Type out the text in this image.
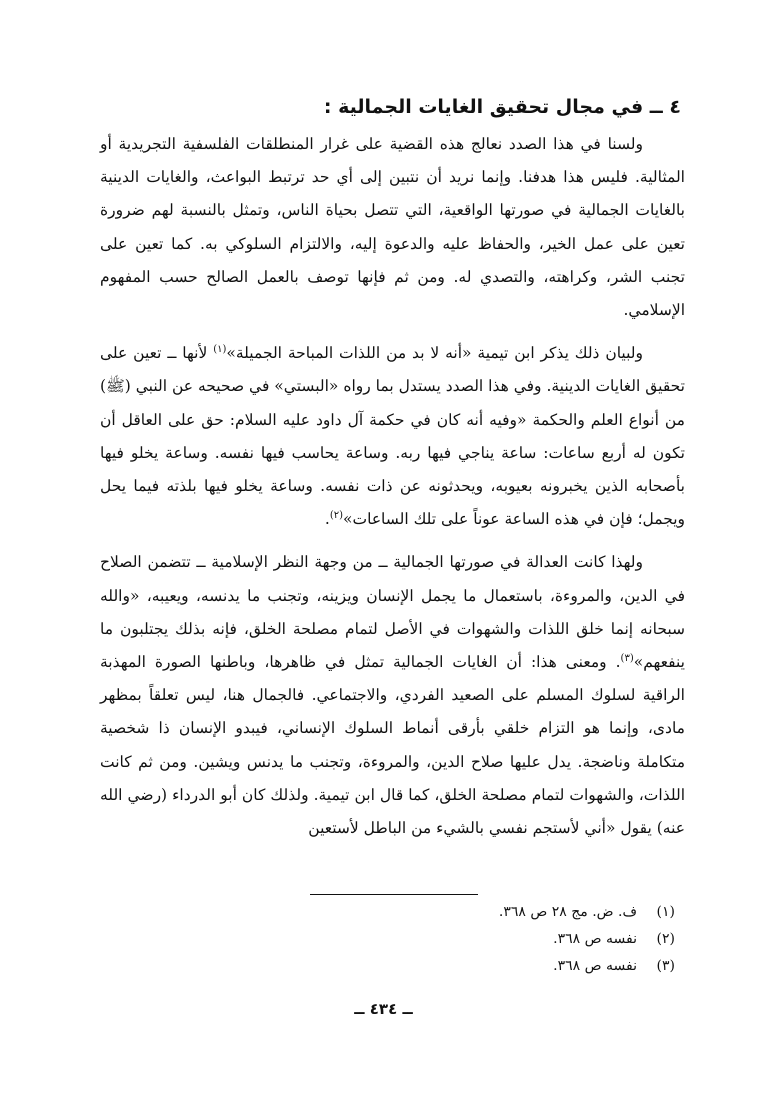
٤ ــ في مجال تحقيق الغايات الجمالية :

ولسنا في هذا الصدد نعالج هذه القضية على غرار المنطلقات الفلسفية التجريدية أو المثالية. فليس هذا هدفنا. وإنما نريد أن نتبين إلى أي حد ترتبط البواعث، والغايات الدينية بالغايات الجمالية في صورتها الواقعية، التي تتصل بحياة الناس، وتمثل بالنسبة لهم ضرورة تعين على عمل الخير، والحفاظ عليه والدعوة إليه، والالتزام السلوكي به. كما تعين على تجنب الشر، وكراهته، والتصدي له. ومن ثم فإنها توصف بالعمل الصالح حسب المفهوم الإسلامي.

ولبيان ذلك يذكر ابن تيمية «أنه لا بد من اللذات المباحة الجميلة»$^{(١)}$ لأنها ــ تعين على تحقيق الغايات الدينية. وفي هذا الصدد يستدل بما رواه «البستي» في صحيحه عن النبي (ﷺ) من أنواع العلم والحكمة «وفيه أنه كان في حكمة آل داود عليه السلام: حق على العاقل أن تكون له أربع ساعات: ساعة يناجي فيها ربه. وساعة يحاسب فيها نفسه. وساعة يخلو فيها بأصحابه الذين يخبرونه بعيوبه، ويحدثونه عن ذات نفسه. وساعة يخلو فيها بلذته فيما يحل ويجمل؛ فإن في هذه الساعة عوناً على تلك الساعات»$^{(٢)}$.

ولهذا كانت العدالة في صورتها الجمالية ــ من وجهة النظر الإسلامية ــ تتضمن الصلاح في الدين، والمروءة، باستعمال ما يجمل الإنسان ويزينه، وتجنب ما يدنسه، ويعيبه، «والله سبحانه إنما خلق اللذات والشهوات في الأصل لتمام مصلحة الخلق، فإنه بذلك يجتلبون ما ينفعهم»$^{(٣)}$. ومعنى هذا: أن الغايات الجمالية تمثل في ظاهرها، وباطنها الصورة المهذبة الراقية لسلوك المسلم على الصعيد الفردي، والاجتماعي. فالجمال هنا، ليس تعلقاً بمظهر مادى، وإنما هو التزام خلقي بأرقى أنماط السلوك الإنساني، فيبدو الإنسان ذا شخصية متكاملة وناضجة. يدل عليها صلاح الدين، والمروءة، وتجنب ما يدنس ويشين. ومن ثم كانت اللذات، والشهوات لتمام مصلحة الخلق، كما قال ابن تيمية. ولذلك كان أبو الدرداء (رضي الله عنه) يقول «أني لأستجم نفسي بالشيء من الباطل لأستعين

(١)ف. ض. مج ٢٨ ص ٣٦٨.
(٢)نفسه ص ٣٦٨.
(٣)نفسه ص ٣٦٨.
ــ ٤٣٤ ــ
